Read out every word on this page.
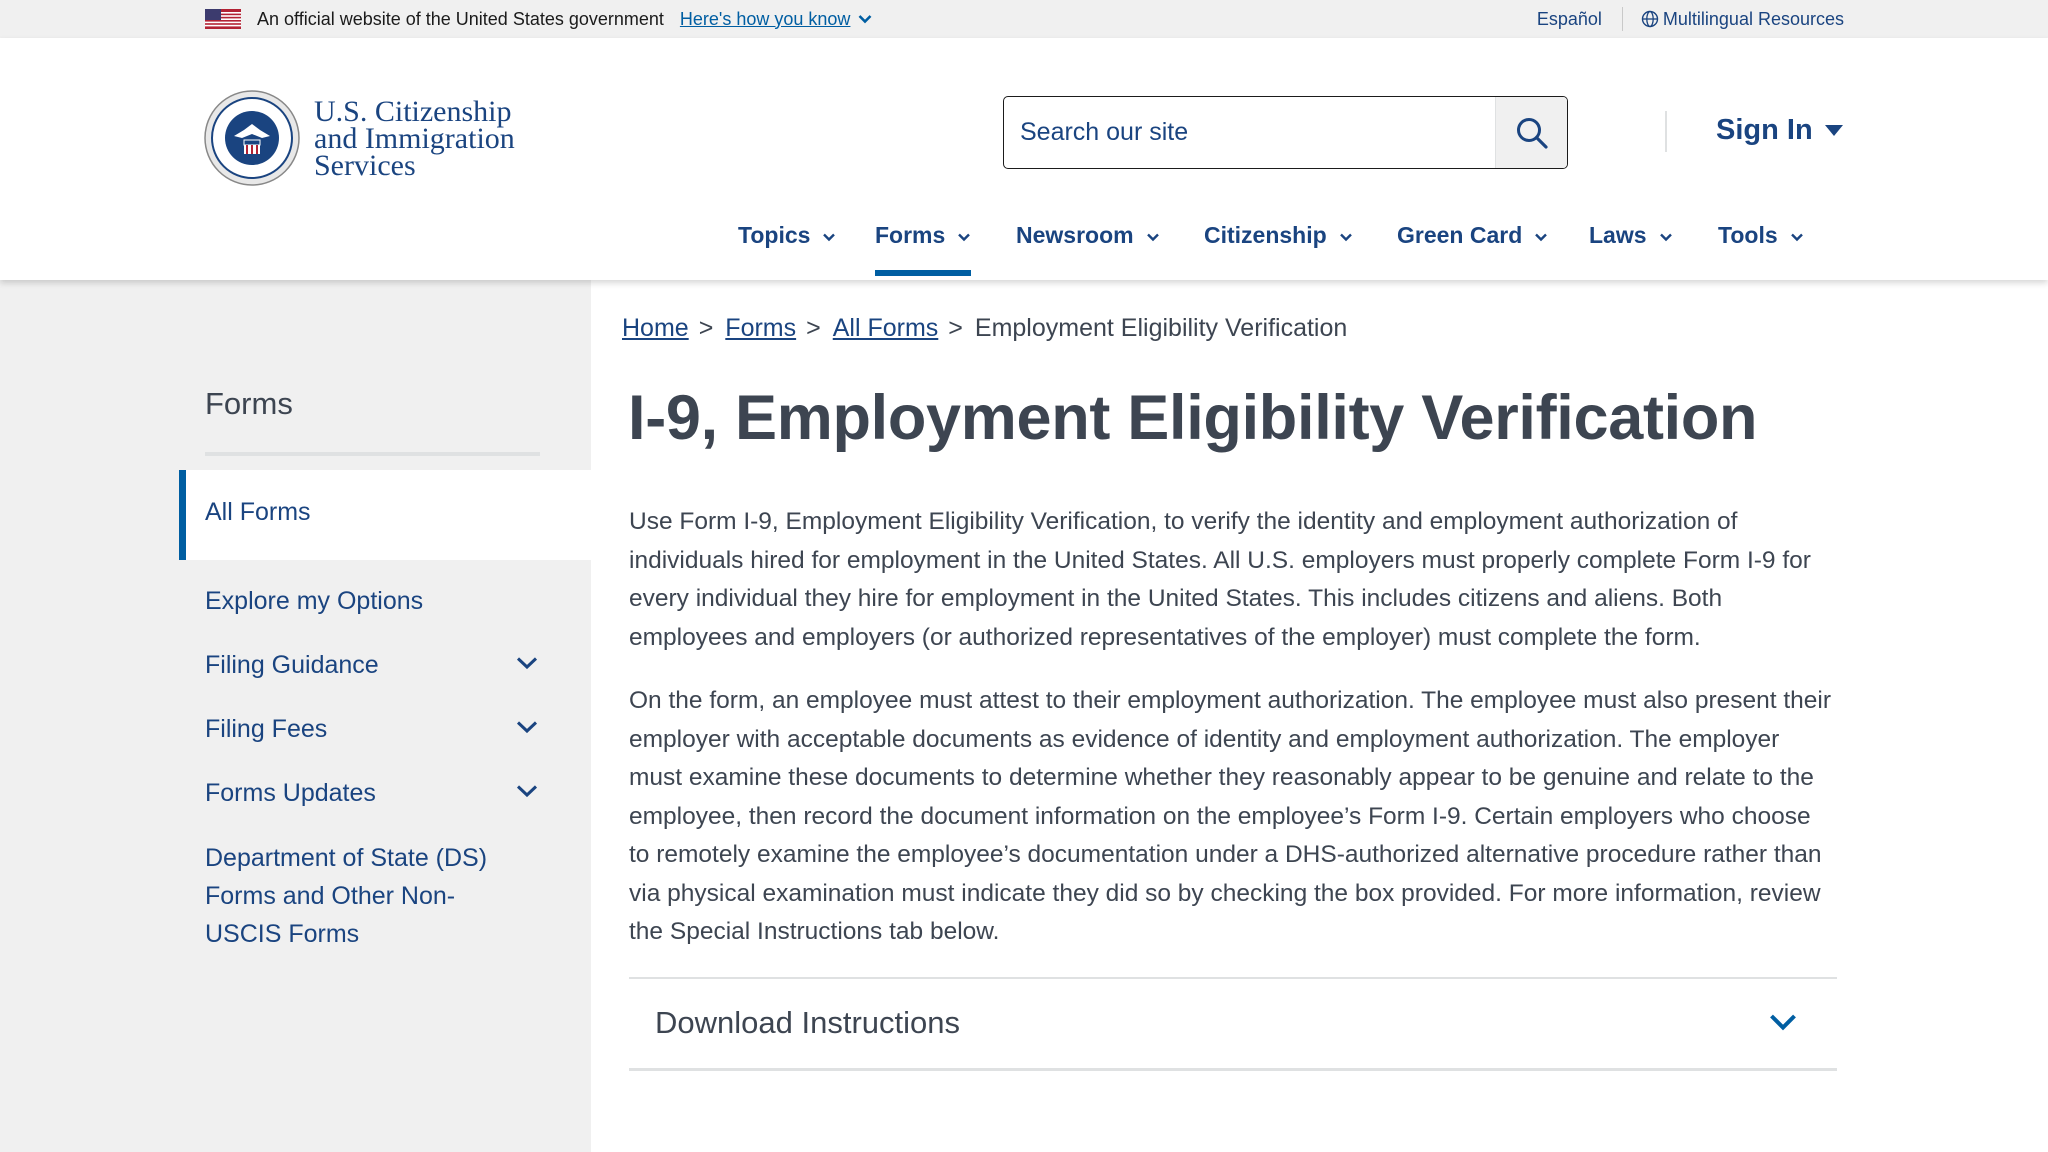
An official website of the United States government Here's how you know	Español	Multilingual Resources
U.S. Citizenship
and Immigration
Services
Search our site
Sign In
Topics	Forms	Newsroom	Citizenship	Green Card	Laws	Tools
Forms
All Forms
Explore my Options
Filing Guidance
Filing Fees
Forms Updates
Department of State (DS) Forms and Other Non-USCIS Forms
Home > Forms > All Forms > Employment Eligibility Verification
I-9, Employment Eligibility Verification

Use Form I-9, Employment Eligibility Verification, to verify the identity and employment authorization of individuals hired for employment in the United States. All U.S. employers must properly complete Form I-9 for every individual they hire for employment in the United States. This includes citizens and aliens. Both employees and employers (or authorized representatives of the employer) must complete the form.

On the form, an employee must attest to their employment authorization. The employee must also present their employer with acceptable documents as evidence of identity and employment authorization. The employer must examine these documents to determine whether they reasonably appear to be genuine and relate to the employee, then record the document information on the employee’s Form I-9. Certain employers who choose to remotely examine the employee’s documentation under a DHS-authorized alternative procedure rather than via physical examination must indicate they did so by checking the box provided. For more information, review the Special Instructions tab below.

Download Instructions
